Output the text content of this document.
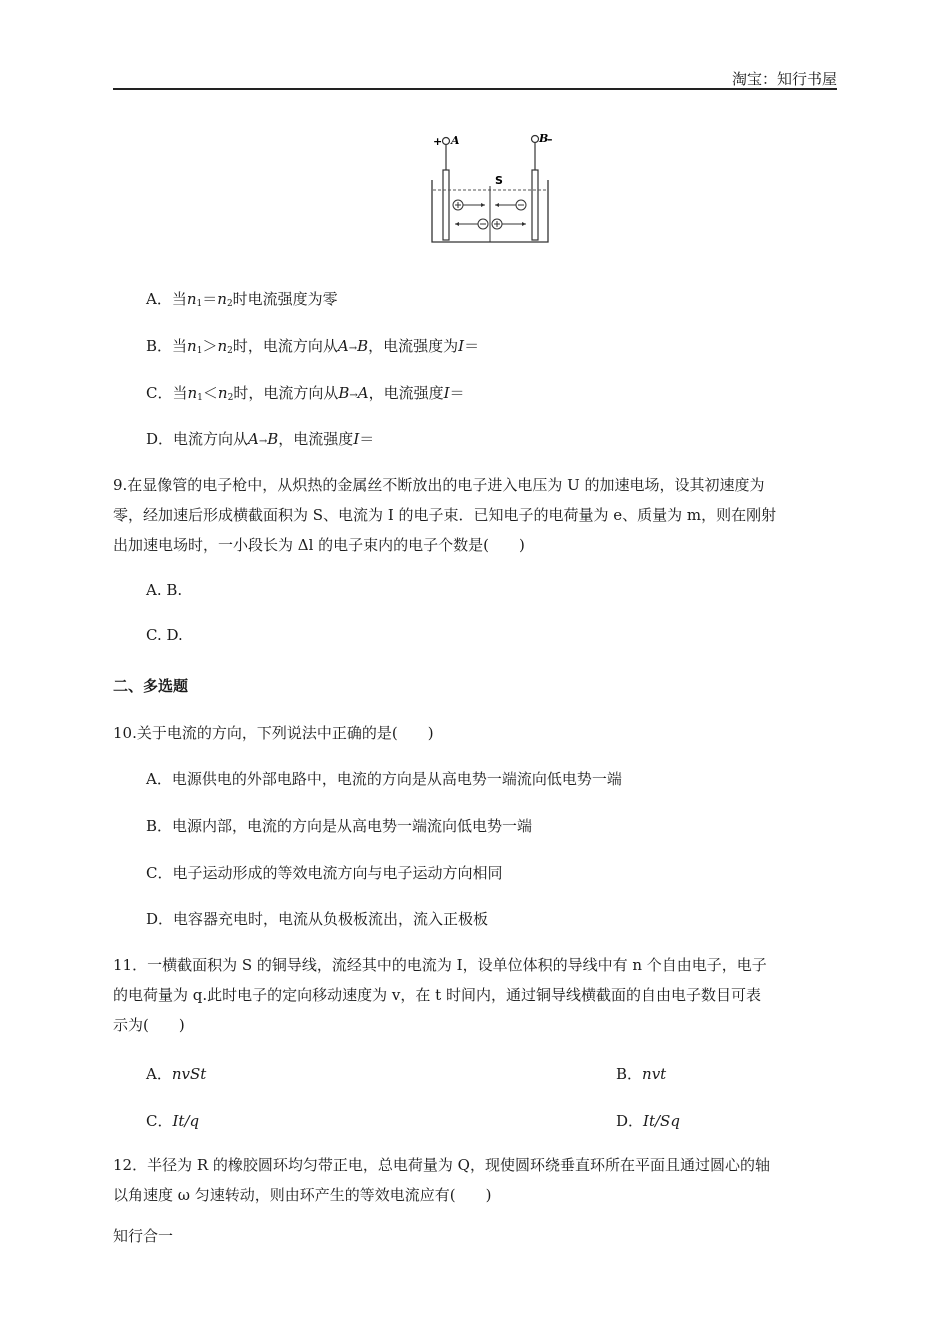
淘宝：知行书屋
+ A	B
–
S
A．当$n_1=n_2$时电流强度为零
B．当$n_1>n_2$时，电流方向从A→B，电流强度为I＝
C．当$n_1<n_2$时，电流方向从B→A，电流强度I＝
D．电流方向从A→B，电流强度I＝
9.在显像管的电子枪中，从炽热的金属丝不断放出的电子进入电压为 U 的加速电场，设其初速度为
零，经加速后形成横截面积为 S、电流为 I 的电子束．已知电子的电荷量为 e、质量为 m，则在刚射
出加速电场时，一小段长为 Δl 的电子束内的电子个数是(　　)
A. B.
C. D.
二、多选题
10.关于电流的方向，下列说法中正确的是(　　)
A．电源供电的外部电路中，电流的方向是从高电势一端流向低电势一端
B．电源内部，电流的方向是从高电势一端流向低电势一端
C．电子运动形成的等效电流方向与电子运动方向相同
D．电容器充电时，电流从负极板流出，流入正极板
11．一横截面积为 S 的铜导线，流经其中的电流为 I，设单位体积的导线中有 n 个自由电子，电子
的电荷量为 q.此时电子的定向移动速度为 v，在 t 时间内，通过铜导线横截面的自由电子数目可表
示为(　　)
A．nvSt	B．nvt
C．It/q	D．It/Sq
12．半径为 R 的橡胶圆环均匀带正电，总电荷量为 Q，现使圆环绕垂直环所在平面且通过圆心的轴
以角速度 ω 匀速转动，则由环产生的等效电流应有(　　)
知行合一
